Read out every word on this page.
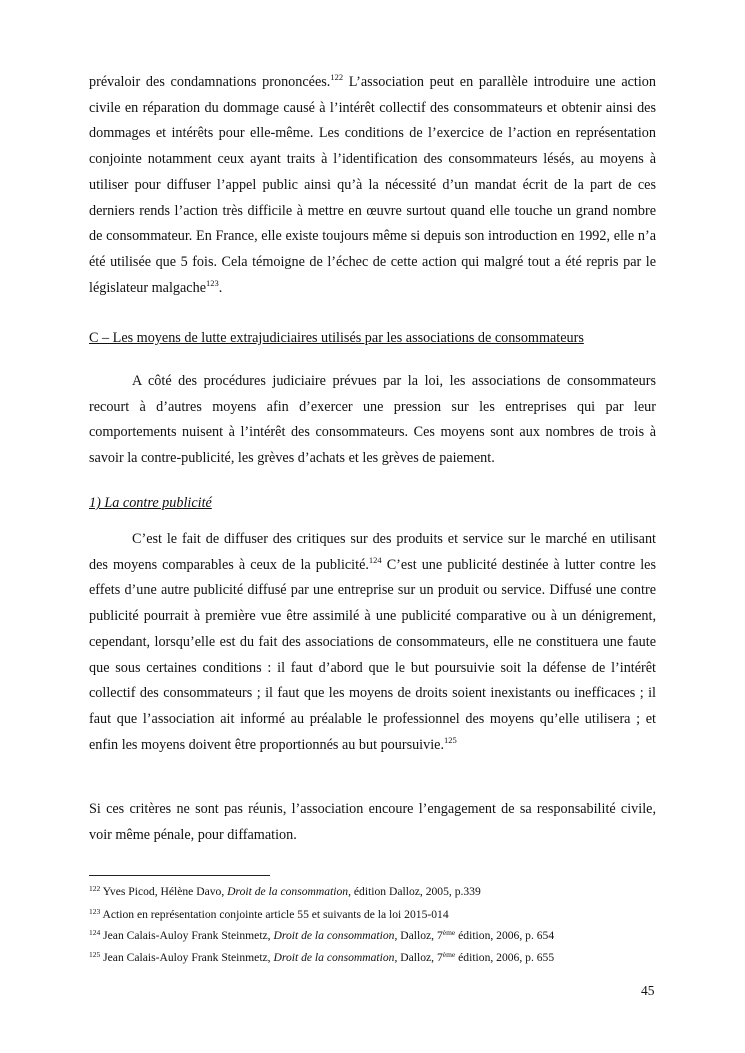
prévaloir des condamnations prononcées.$^{122}$ L’association peut en parallèle introduire une action civile en réparation du dommage causé à l’intérêt collectif des consommateurs et obtenir ainsi des dommages et intérêts pour elle-même. Les conditions de l’exercice de l’action en représentation conjointe notamment ceux ayant traits à l’identification des consommateurs lésés, au moyens à utiliser pour diffuser l’appel public ainsi qu’à la nécessité d’un mandat écrit de la part de ces derniers rends l’action très difficile à mettre en œuvre surtout quand elle touche un grand nombre de consommateur. En France, elle existe toujours même si depuis son introduction en 1992, elle n’a été utilisée que 5 fois. Cela témoigne de l’échec de cette action qui malgré tout a été repris par le législateur malgache$^{123}$.

C – Les moyens de lutte extrajudiciaires utilisés par les associations de consommateurs

A côté des procédures judiciaire prévues par la loi, les associations de consommateurs recourt à d’autres moyens afin d’exercer une pression sur les entreprises qui par leur comportements nuisent à l’intérêt des consommateurs. Ces moyens sont aux nombres de trois à savoir la contre-publicité, les grèves d’achats et les grèves de paiement.

1) La contre publicité

C’est le fait de diffuser des critiques sur des produits et service sur le marché en utilisant des moyens comparables à ceux de la publicité.$^{124}$ C’est une publicité destinée à lutter contre les effets d’une autre publicité diffusé par une entreprise sur un produit ou service. Diffusé une contre publicité pourrait à première vue être assimilé à une publicité comparative ou à un dénigrement, cependant, lorsqu’elle est du fait des associations de consommateurs, elle ne constituera une faute que sous certaines conditions : il faut d’abord que le but poursuivie soit la défense de l’intérêt collectif des consommateurs ; il faut que les moyens de droits soient inexistants ou inefficaces ; il faut que l’association ait informé au préalable le professionnel des moyens qu’elle utilisera ; et enfin les moyens doivent être proportionnés au but poursuivie.$^{125}$

Si ces critères ne sont pas réunis, l’association encoure l’engagement de sa responsabilité civile, voir même pénale, pour diffamation.

$^{122}$ Yves Picod, Hélène Davo, Droit de la consommation, édition Dalloz, 2005, p.339
$^{123}$ Action en représentation conjointe article 55 et suivants de la loi 2015-014
$^{124}$ Jean Calais-Auloy Frank Steinmetz, Droit de la consommation, Dalloz, 7ème édition, 2006, p. 654
$^{125}$ Jean Calais-Auloy Frank Steinmetz, Droit de la consommation, Dalloz, 7ème édition, 2006, p. 655
45
